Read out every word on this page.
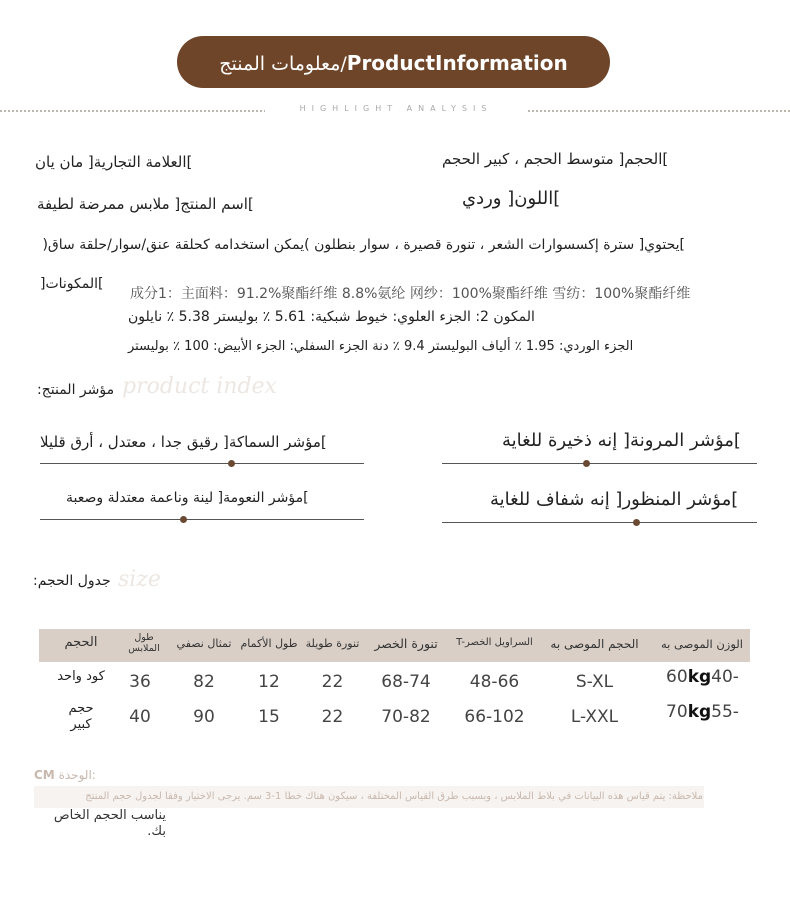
معلومات المنتج/ProductInformation
HIGHLIGHT ANALYSIS
]العلامة التجارية[ مان يان	]الحجم[ متوسط الحجم ، كبير الحجم
]اسم المنتج[ ملابس ممرضة لطيفة	]اللون[ وردي
]يحتوي[ سترة إكسسوارات الشعر ، تنورة قصيرة ، سوار بنطلون )يمكن استخدامه كحلقة عنق/سوار/حلقة ساق(
]المكونات[
成分1：主面料：91.2%聚酯纤维 8.8%氨纶 网纱：100%聚酯纤维 雪纺：100%聚酯纤维
المكون 2: الجزء العلوي: خيوط شبكية: 5.61 ٪ بوليستر 5.38 ٪ نايلون
الجزء الوردي: 1.95 ٪ ألياف البوليستر 9.4 ٪ دنة الجزء السفلي: الجزء الأبيض: 100 ٪ بوليستر
product index
مؤشر المنتج:
]مؤشر المرونة[ إنه ذخيرة للغاية
]مؤشر السماكة[ رقيق جدا ، معتدل ، أرق قليلا
]مؤشر المنظور[ إنه شفاف للغاية
]مؤشر النعومة[ لينة وناعمة معتدلة وصعبة
size
جدول الحجم:
الوزن الموصى به
الحجم الموصى به
T-السراويل الخصر
تنورة الخصر
تنورة طويلة
طول الأكمام
تمثال نصفي
طول الملابس
الحجم
60kg40-
S-XL
48-66
68-74
22
12
82
36
كود واحد
70kg55-
L-XXL
66-102
70-82
22
15
90
40
حجم
كبير
CM الوحدة:
ملاحظة: يتم قياس هذه البيانات في بلاط الملابس ، وبسبب طرق القياس المختلفة ، سيكون هناك خطأ 1-3 سم. يرجى الاختيار وفقا لجدول حجم المنتج
يناسب الحجم الخاص
بك.
